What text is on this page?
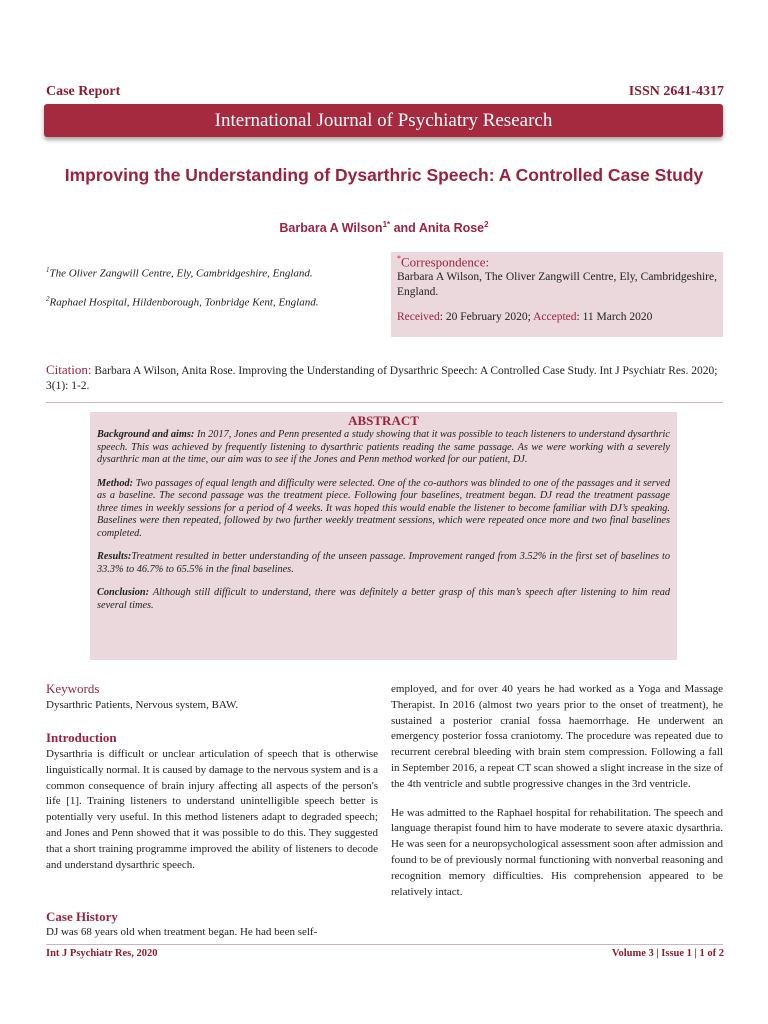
Case Report	ISSN 2641-4317
International Journal of Psychiatry Research
Improving the Understanding of Dysarthric Speech: A Controlled Case Study
Barbara A Wilson$^{1*}$ and Anita Rose$^2$
$^1$The Oliver Zangwill Centre, Ely, Cambridgeshire, England.
$^2$Raphael Hospital, Hildenborough, Tonbridge Kent, England.
*Correspondence:
Barbara A Wilson, The Oliver Zangwill Centre, Ely, Cambridgeshire, England.
Received: 20 February 2020; Accepted: 11 March 2020
Citation: Barbara A Wilson, Anita Rose. Improving the Understanding of Dysarthric Speech: A Controlled Case Study. Int J Psychiatr Res. 2020; 3(1): 1-2.
ABSTRACT

Background and aims: In 2017, Jones and Penn presented a study showing that it was possible to teach listeners to understand dysarthric speech. This was achieved by frequently listening to dysarthric patients reading the same passage. As we were working with a severely dysarthric man at the time, our aim was to see if the Jones and Penn method worked for our patient, DJ.

Method: Two passages of equal length and difficulty were selected. One of the co-authors was blinded to one of the passages and it served as a baseline. The second passage was the treatment piece. Following four baselines, treatment began. DJ read the treatment passage three times in weekly sessions for a period of 4 weeks. It was hoped this would enable the listener to become familiar with DJ’s speaking. Baselines were then repeated, followed by two further weekly treatment sessions, which were repeated once more and two final baselines completed.

Results:Treatment resulted in better understanding of the unseen passage. Improvement ranged from 3.52% in the first set of baselines to 33.3% to 46.7% to 65.5% in the final baselines.

Conclusion: Although still difficult to understand, there was definitely a better grasp of this man’s speech after listening to him read several times.

Keywords
Dysarthric Patients, Nervous system, BAW.
Introduction
Dysarthria is difficult or unclear articulation of speech that is otherwise linguistically normal. It is caused by damage to the nervous system and is a common consequence of brain injury affecting all aspects of the person's life [1]. Training listeners to understand unintelligible speech better is potentially very useful. In this method listeners adapt to degraded speech; and Jones and Penn showed that it was possible to do this. They suggested that a short training programme improved the ability of listeners to decode and understand dysarthric speech.
Case History
DJ was 68 years old when treatment began. He had been self-
employed, and for over 40 years he had worked as a Yoga and Massage Therapist. In 2016 (almost two years prior to the onset of treatment), he sustained a posterior cranial fossa haemorrhage. He underwent an emergency posterior fossa craniotomy. The procedure was repeated due to recurrent cerebral bleeding with brain stem compression. Following a fall in September 2016, a repeat CT scan showed a slight increase in the size of the 4th ventricle and subtle progressive changes in the 3rd ventricle.
He was admitted to the Raphael hospital for rehabilitation. The speech and language therapist found him to have moderate to severe ataxic dysarthria. He was seen for a neuropsychological assessment soon after admission and found to be of previously normal functioning with nonverbal reasoning and recognition memory difficulties. His comprehension appeared to be relatively intact.
Int J Psychiatr Res, 2020	Volume 3 | Issue 1 | 1 of 2
